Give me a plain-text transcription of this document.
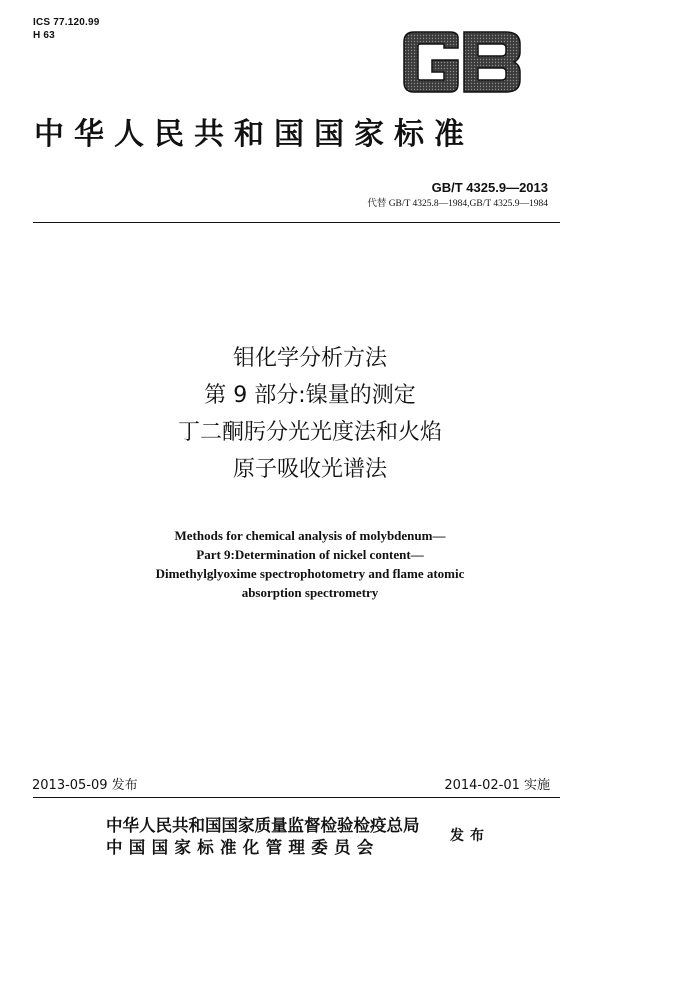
ICS 77.120.99
H 63
中华人民共和国国家标准
GB/T 4325.9—2013
代替 GB/T 4325.8—1984,GB/T 4325.9—1984
钼化学分析方法
第 9 部分:镍量的测定
丁二酮肟分光光度法和火焰
原子吸收光谱法
Methods for chemical analysis of molybdenum—
Part 9:Determination of nickel content—
Dimethylglyoxime spectrophotometry and flame atomic
absorption spectrometry
2013-05-09 发布	2014-02-01 实施
中华人民共和国国家质量监督检验检疫总局
中国国家标准化管理委员会
发布
